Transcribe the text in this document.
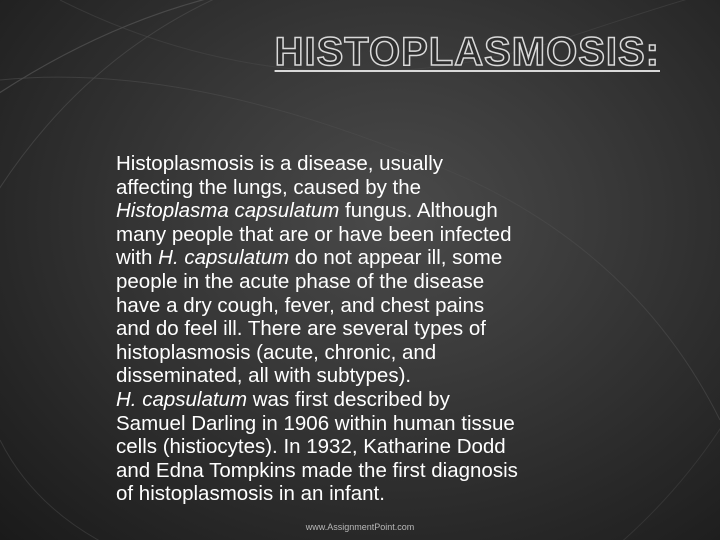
HISTOPLASMOSIS:

Histoplasmosis is a disease, usually

affecting the lungs, caused by the

Histoplasma capsulatum fungus. Although

many people that are or have been infected

with H. capsulatum do not appear ill, some

people in the acute phase of the disease

have a dry cough, fever, and chest pains

and do feel ill. There are several types of

histoplasmosis (acute, chronic, and

disseminated, all with subtypes).

H. capsulatum was first described by

Samuel Darling in 1906 within human tissue

cells (histiocytes). In 1932, Katharine Dodd

and Edna Tompkins made the first diagnosis

of histoplasmosis in an infant.

www.AssignmentPoint.com
